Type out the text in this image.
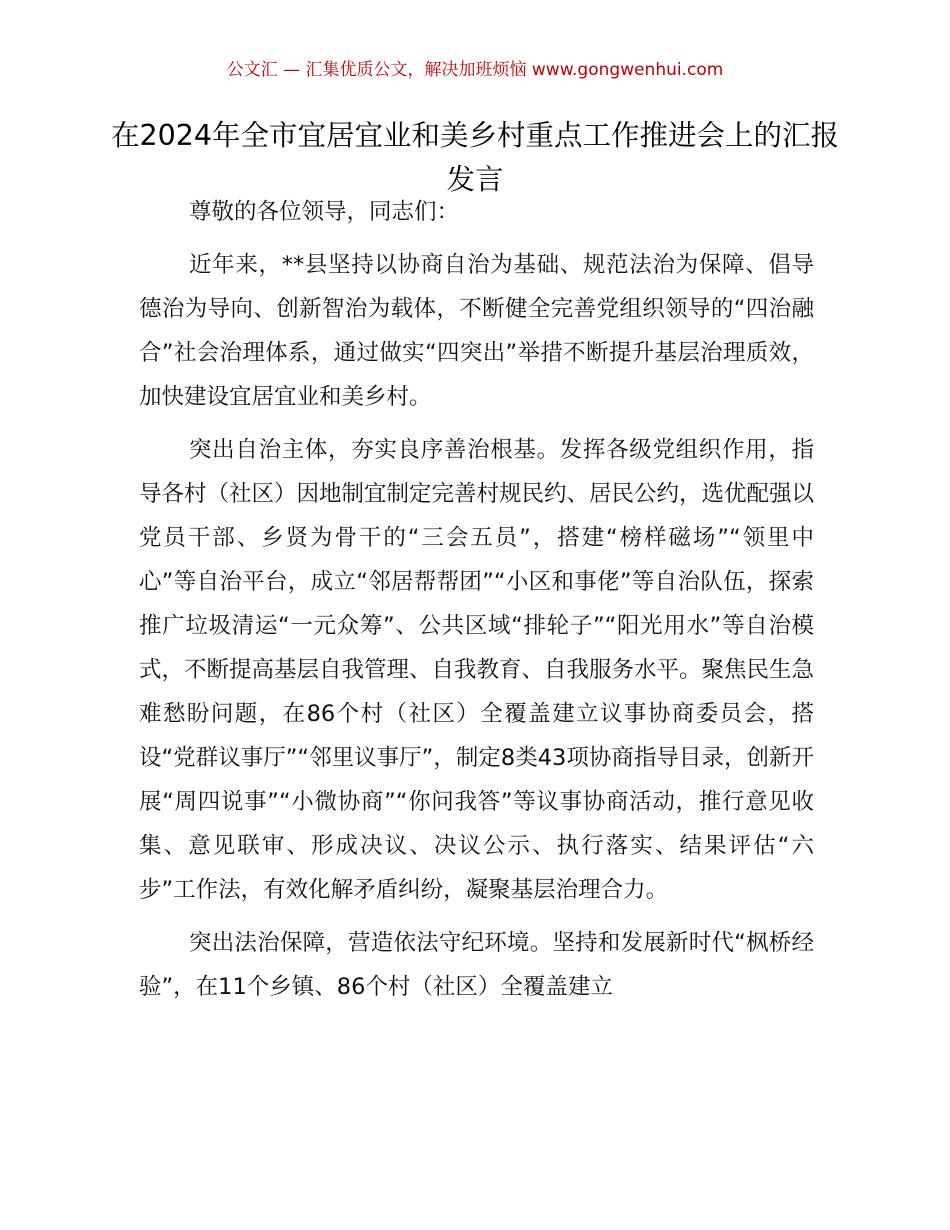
公文汇 — 汇集优质公文，解决加班烦恼 www.gongwenhui.com
在2024年全市宜居宜业和美乡村重点工作推进会上的汇报发言

尊敬的各位领导，同志们：

近年来，**县坚持以协商自治为基础、规范法治为保障、倡导德治为导向、创新智治为载体，不断健全完善党组织领导的“四治融合”社会治理体系，通过做实“四突出”举措不断提升基层治理质效，加快建设宜居宜业和美乡村。

突出自治主体，夯实良序善治根基。发挥各级党组织作用，指导各村（社区）因地制宜制定完善村规民约、居民公约，选优配强以党员干部、乡贤为骨干的“三会五员”，搭建“榜样磁场”“领里中心”等自治平台，成立“邻居帮帮团”“小区和事佬”等自治队伍，探索推广垃圾清运“一元众筹”、公共区域“排轮子”“阳光用水”等自治模式，不断提高基层自我管理、自我教育、自我服务水平。聚焦民生急难愁盼问题，在86个村（社区）全覆盖建立议事协商委员会，搭设“党群议事厅”“邻里议事厅”，制定8类43项协商指导目录，创新开展“周四说事”“小微协商”“你问我答”等议事协商活动，推行意见收集、意见联审、形成决议、决议公示、执行落实、结果评估“六步”工作法，有效化解矛盾纠纷，凝聚基层治理合力。

突出法治保障，营造依法守纪环境。坚持和发展新时代“枫桥经验”，在11个乡镇、86个村（社区）全覆盖建立
